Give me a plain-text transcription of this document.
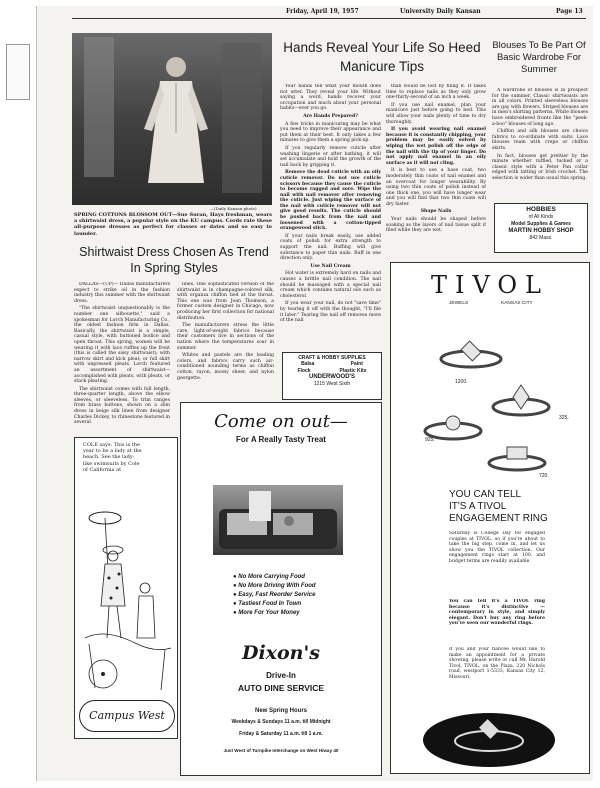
Friday, April 19, 1957	University Daily Kansan	Page 13
—(Daily Kansan photo)
SPRING COTTONS BLOSSOM OUT—Sue Suran, Hays freshman, wears a shirtwaist dress, a popular style on the KU campus. Cords rate these all-purpose dresses as perfect for classes or dates and so easy to launder.
Shirtwaist Dress Chosen As Trend In Spring Styles

DALLAS—(UP)— Dallas manufacturers expect to strike oil in the fashion industry this summer with the shirtwaist dress.

"The shirtwaist unquestionably is the number one silhouette," said a spokesman for Lorch Manufacturing Co., the oldest fashion firm in Dallas. Basically, the shirtwaist is a simple, casual style, with buttoned bodice and open throat. This spring, women will be wearing it with lace ruffles up the front (this is called the sissy shirtwaist); with narrow skirt and kick pleat; or full skirt with unpressed pleats. Lorch featured an assortment of shirtwaist—accomplished with pleats, with pleats, or stack pleating.

The shirtwaist comes with full length, three-quarter length, above the elbow sleeves, or sleeveless. To trim ranges from brass buttons, shown on a slim dress in beige silk linen from designer Charles Dickey, to rhinestone featured in several

lines. One sophisticated version of the shirtwaist is in champagne-colored silk, with organza chiffon tied at the throat. This one was from Joan Thomson, a former custom designer in Chicago, now producing her first collection for national distribution.

The manufacturers stress the little care, light-of-weight fabrics because their customers live in sections of the nation where the temperatures soar in summer.

Whites and pastels are the leading colors, and fabrics carry such air-conditioned sounding terms as chiffon cotton, rayon, mossy sheer, and nylon georgette.

Hands Reveal Your Life So Heed Manicure Tips

Your hands tell what your mouth does not utter. They reveal your life. Without saying a word, hands recover your occupation and much about your personal habits—ever you go.

Are Hands Prepared?

A few tricks in manicuring may be what you need to improve their appearance and put them at their best. It only takes a few minutes to give them a spring pick-up.

If you regularly remove cuticle after washing lingerie or after bathing, it will set accumulate and hold the growth of the nail back by gripping it.

Remove the dead cuticle with an oily cuticle remover. Do not use cuticle scissors because they cause the cuticle to become ragged and sore. Wipe the nail with nail remover after removing the cuticle. Just wiping the surface of the nail with cuticle remover will not give good results. The cuticle should be pushed back from the nail and loosened with a cotton-tipped orangewood stick.

If your nails break easily, use added coats of polish for extra strength to support the nail. Buffing will give substance to paper thin nails. Buff in one direction only.

Use Nail Cream

Hot water is extremely hard on nails and causes a brittle nail condition. The nail should be massaged with a special nail cream which contains natural oils such as cholesterol.

If you wear your nail, do not "save time" by tearing it off with the thought, "I'll file it later." Tearing the nail off removes more of the nail

than would be lost by filing it. It takes time to replace nails as they only grow one-thirty-second of an inch a week.

If you use nail enamel, plan your manicure just before going to bed. This will allow your nails plenty of time to dry thoroughly.

If you avoid wearing nail enamel because it is constantly chipping, your problem may be easily solved by wiping the wet polish off the edge of the nail with the tip of your finger. Do not apply nail enamel in an oily surface as it will not cling.

It is best to use a base coat, two moderately thin coats of nail enamel and an overcoat for longer wearability. By using two thin coats of polish instead of one thick one, you will have longer wear and you will find that two thin coats will dry faster.

Shape Nails

Your nails should be shaped before soaking as the layers of nail tissue split if filed while they are wet.

CRAFT & HOBBY SUPPLIES
Balsa	Paint
Flock	Plastic Kits
UNDERWOOD'S
1215 West Sixth
Blouses To Be Part Of Basic Wardrobe For Summer

A wardrobe of blouses is in prospect for the summer. Classic shirtwaists are in all colors. Printed sleeveless blouses are gay with flowers. Striped blouses are in men's shirting patterns. White blouses have embroidered fronts like the "peek-a-boo" blouses of long ago.

Chiffon and silk blouses are choice fabrics to co-ordinate with suits. Lace blouses team with crepe or chiffon skirts.

In fact, blouses get prettier by the minute whether ruffled, tucked or a classic style with a Peter Pan collar edged with tatting or Irish crochet. The selection is wider than usual this spring.

HOBBIES
of All Kinds
Model Supplies & Games
MARTIN HOBBY SHOP
842 Mass.
COLE says: This is the year to be a lady at the beach. See the lady-like swimsuits by Cole of California at
Campus West
Come on out—
For A Really Tasty Treat
● No More Carrying Food
● No More Driving With Food
● Easy, Fast Reorder Service
● Tastiest Food In Town
● More For Your Money
Dixon's
Drive-In
AUTO DINE SERVICE
New Spring Hours
Weekdays & Sundays 11 a.m. till Midnight
Friday & Saturday 11 a.m. till 1 a.m.
Just West of Turnpike Interchange on West Hiway 40
TIVOL
JEWELS	KANSAS CITY
1200.
325.
925.
720.
YOU CAN TELL
IT'S A TIVOL
ENGAGEMENT RING
Saturday is College Day for engaged couples at TIVOL, so if you're about to take the big step, come in, and let us show you the TIVOL collection. Our engagement rings start at 100. and budget terms are readily available.
You can tell it's a TIVOL ring because it's distinctive —contemporary in style, and simply elegant. Don't buy any ring before you've seen our wonderful rings.
If you and your fiancee would like to make an appointment for a private showing, please write or call Mr. Harold Tivol, TIVOL, on the Plaza, 220 Nichols road, westport 1-5333, Kansas City 12, Missouri.
